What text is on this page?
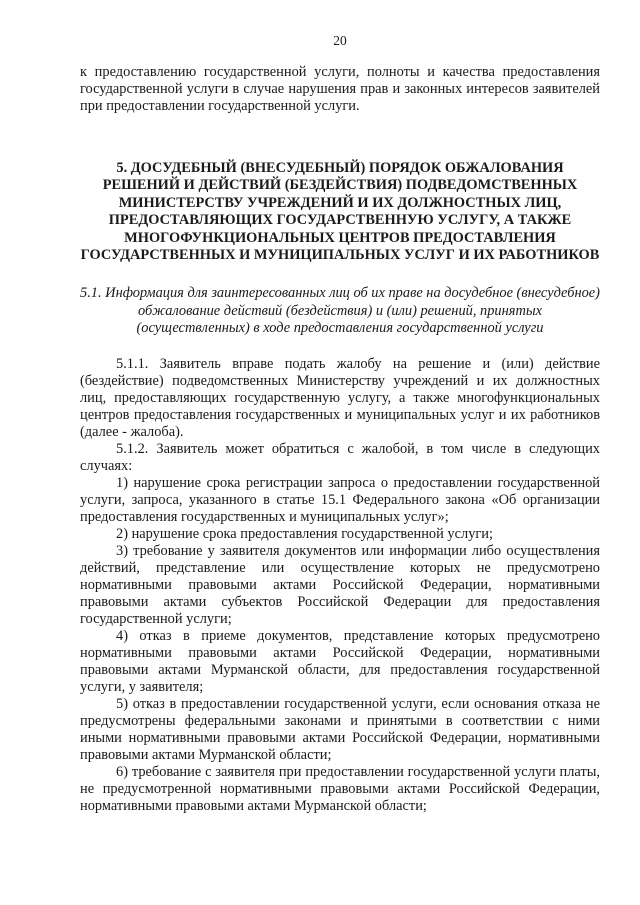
20

к предоставлению государственной услуги, полноты и качества предоставления государственной услуги в случае нарушения прав и законных интересов заявителей при предоставлении государственной услуги.

5. ДОСУДЕБНЫЙ (ВНЕСУДЕБНЫЙ) ПОРЯДОК ОБЖАЛОВАНИЯ РЕШЕНИЙ И ДЕЙСТВИЙ (БЕЗДЕЙСТВИЯ) ПОДВЕДОМСТВЕННЫХ МИНИСТЕРСТВУ УЧРЕЖДЕНИЙ И ИХ ДОЛЖНОСТНЫХ ЛИЦ, ПРЕДОСТАВЛЯЮЩИХ ГОСУДАРСТВЕННУЮ УСЛУГУ, А ТАКЖЕ МНОГОФУНКЦИОНАЛЬНЫХ ЦЕНТРОВ ПРЕДОСТАВЛЕНИЯ ГОСУДАРСТВЕННЫХ И МУНИЦИПАЛЬНЫХ УСЛУГ И ИХ РАБОТНИКОВ
5.1. Информация для заинтересованных лиц об их праве на досудебное (внесудебное) обжалование действий (бездействия) и (или) решений, принятых (осуществленных) в ходе предоставления государственной услуги

5.1.1. Заявитель вправе подать жалобу на решение и (или) действие (бездействие) подведомственных Министерству учреждений и их должностных лиц, предоставляющих государственную услугу, а также многофункциональных центров предоставления государственных и муниципальных услуг и их работников (далее - жалоба).

5.1.2. Заявитель может обратиться с жалобой, в том числе в следующих случаях:

1) нарушение срока регистрации запроса о предоставлении государственной услуги, запроса, указанного в статье 15.1 Федерального закона «Об организации предоставления государственных и муниципальных услуг»;

2) нарушение срока предоставления государственной услуги;

3) требование у заявителя документов или информации либо осуществления действий, представление или осуществление которых не предусмотрено нормативными правовыми актами Российской Федерации, нормативными правовыми актами субъектов Российской Федерации для предоставления государственной услуги;

4) отказ в приеме документов, представление которых предусмотрено нормативными правовыми актами Российской Федерации, нормативными правовыми актами Мурманской области, для предоставления государственной услуги, у заявителя;

5) отказ в предоставлении государственной услуги, если основания отказа не предусмотрены федеральными законами и принятыми в соответствии с ними иными нормативными правовыми актами Российской Федерации, нормативными правовыми актами Мурманской области;

6) требование с заявителя при предоставлении государственной услуги платы, не предусмотренной нормативными правовыми актами Российской Федерации, нормативными правовыми актами Мурманской области;
